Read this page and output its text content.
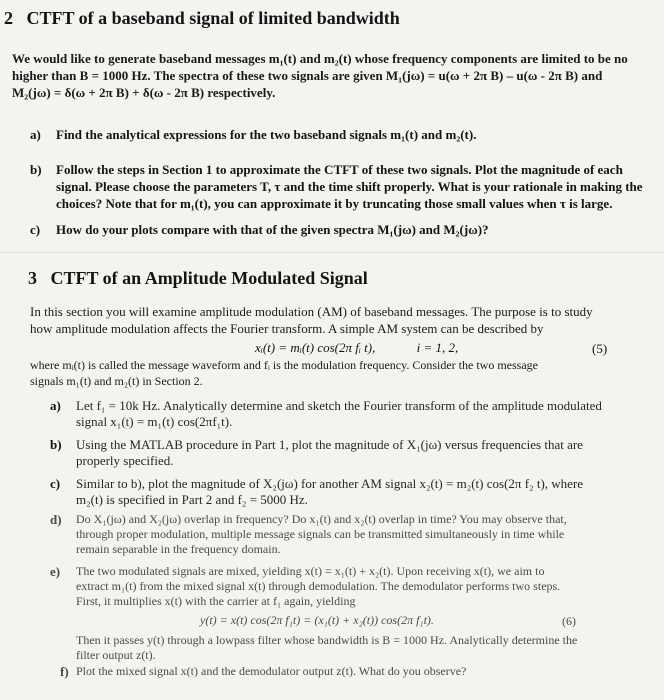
2 CTFT of a baseband signal of limited bandwidth

We would like to generate baseband messages m₁(t) and m₂(t) whose frequency components are limited to be no

higher than B = 1000 Hz. The spectra of these two signals are given M₁(jω) = u(ω + 2π B) – u(ω - 2π B) and

M₂(jω) = δ(ω + 2π B) + δ(ω - 2π B) respectively.

a) Find the analytical expressions for the two baseband signals m₁(t) and m₂(t).
b) Follow the steps in Section 1 to approximate the CTFT of these two signals. Plot the magnitude of each
signal. Please choose the parameters T, τ and the time shift properly. What is your rationale in making the
choices? Note that for m₁(t), you can approximate it by truncating those small values when τ is large.
c) How do your plots compare with that of the given spectra M₁(jω) and M₂(jω)?
3 CTFT of an Amplitude Modulated Signal

In this section you will examine amplitude modulation (AM) of baseband messages. The purpose is to study

how amplitude modulation affects the Fourier transform. A simple AM system can be described by

xᵢ(t) = mᵢ(t) cos(2π fᵢ t),	i = 1, 2,	(5)

where mᵢ(t) is called the message waveform and fᵢ is the modulation frequency. Consider the two message

signals m₁(t) and m₂(t) in Section 2.

a) Let f₁ = 10k Hz. Analytically determine and sketch the Fourier transform of the amplitude modulated
signal x₁(t) = m₁(t) cos(2πf₁t).
b) Using the MATLAB procedure in Part 1, plot the magnitude of X₁(jω) versus frequencies that are
properly specified.
c) Similar to b), plot the magnitude of X₂(jω) for another AM signal x₂(t) = m₂(t) cos(2π f₂ t), where
m₂(t) is specified in Part 2 and f₂ = 5000 Hz.
d) Do X₁(jω) and X₂(jω) overlap in frequency? Do x₁(t) and x₂(t) overlap in time? You may observe that,
through proper modulation, multiple message signals can be transmitted simultaneously in time while
remain separable in the frequency domain.
e) The two modulated signals are mixed, yielding x(t) = x₁(t) + x₂(t). Upon receiving x(t), we aim to
extract m₁(t) from the mixed signal x(t) through demodulation. The demodulator performs two steps.
First, it multiplies x(t) with the carrier at f₁ again, yielding
y(t) = x(t) cos(2π f₁t) = (x₁(t) + x₂(t)) cos(2π f₁t).	(6)

Then it passes y(t) through a lowpass filter whose bandwidth is B = 1000 Hz. Analytically determine the

filter output z(t).

f) Plot the mixed signal x(t) and the demodulator output z(t). What do you observe?
